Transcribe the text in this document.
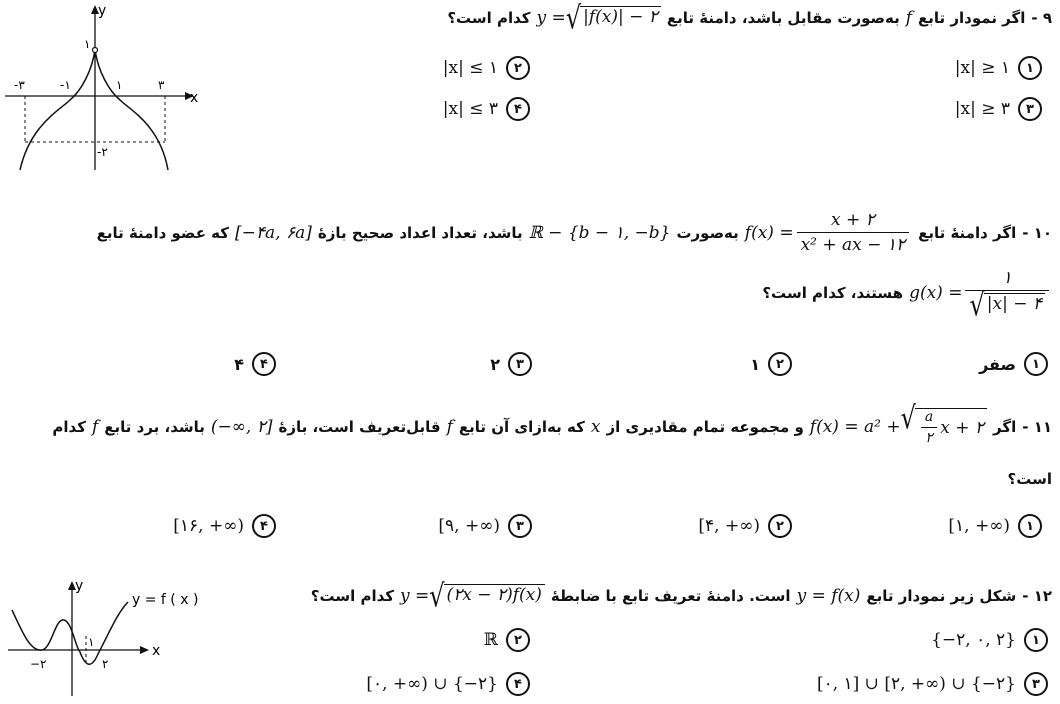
۹ -
اگر نمودار تابع
f
به‌صورت مقابل باشد، دامنهٔ تابع
y = √ |f(x)| − ۲
کدام است؟
۱
|x| ≥ ۱
۲
|x| ≤ ۱
۳
|x| ≥ ۳
۴
|x| ≤ ۳
y
x
۱
-۳	-۱	۱	۳
-۲
۱۰ -
اگر دامنهٔ تابع
$f(x) = \frac{x + ۲}{\text{x² + ax − ۱۲}}$
به‌صورت
ℝ − {b − ۱, −b}
باشد، تعداد اعداد صحیح بازهٔ
[−۴a, ۶a]
که عضو دامنهٔ تابع
$g(x) = \frac{۱}{√ |x| - ۴}$
هستند، کدام است؟
۱
صفر
۲
۱
۳
۲
۴
۴
۱۱ -
اگر
f(x) = a² + √ $\frac{a}{۲}$ x + ۲
و مجموعه تمام مقادیری از
x
که به‌ازای آن تابع
f
قابل‌تعریف است، بازهٔ
(−∞, ۲]
باشد، برد تابع
f
کدام
است؟
۱
[۱, +∞)
۲
[۴, +∞)
۳
[۹, +∞)
۴
[۱۶, +∞)
۱۲ -
شکل زیر نمودار تابع
y = f(x)
است. دامنهٔ تعریف تابع با ضابطهٔ
y = √ (۲x − ۲)f(x)
کدام است؟
۱
{−۲, ۰, ۲}
۲
ℝ
۳
[۰, ۱] ∪ [۲, +∞) ∪ {−۲}
۴
[۰, +∞) ∪ {−۲}
y
x
y = f ( x )
−۲
۱
۲
